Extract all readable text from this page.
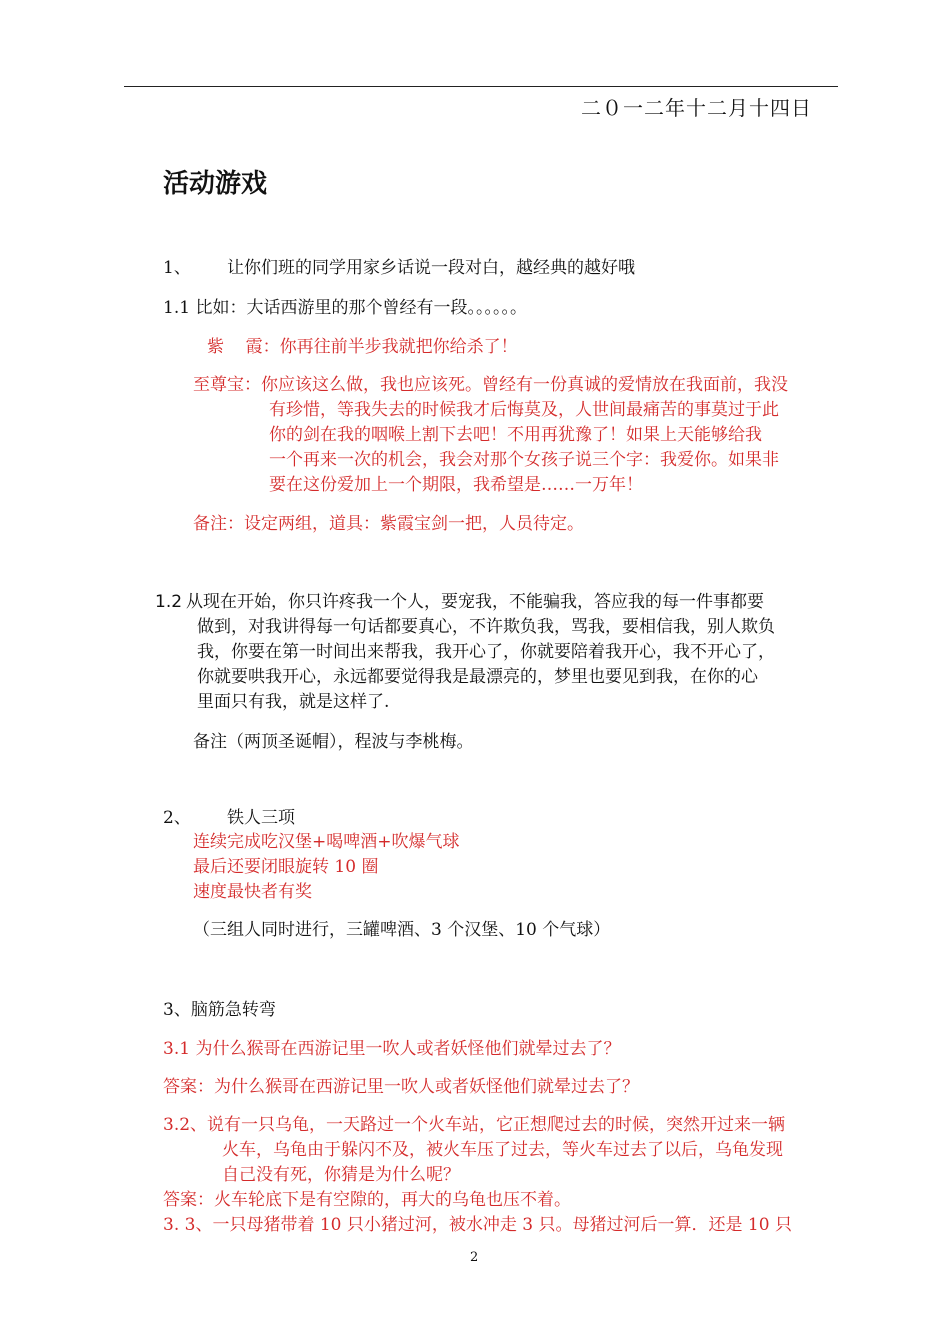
二０一二年十二月十四日
活动游戏
1、 让你们班的同学用家乡话说一段对白，越经典的越好哦
1.1 比如：大话西游里的那个曾经有一段。。。。。。
紫    霞：你再往前半步我就把你给杀了！
至尊宝：你应该这么做，我也应该死。曾经有一份真诚的爱情放在我面前，我没
有珍惜，等我失去的时候我才后悔莫及，人世间最痛苦的事莫过于此
你的剑在我的咽喉上割下去吧！不用再犹豫了！如果上天能够给我
一个再来一次的机会，我会对那个女孩子说三个字：我爱你。如果非
要在这份爱加上一个期限，我希望是……一万年！
备注：设定两组，道具：紫霞宝剑一把，人员待定。
1.2 从现在开始，你只许疼我一个人，要宠我，不能骗我，答应我的每一件事都要
做到，对我讲得每一句话都要真心，不许欺负我，骂我，要相信我，别人欺负
我，你要在第一时间出来帮我，我开心了，你就要陪着我开心，我不开心了，
你就要哄我开心，永远都要觉得我是最漂亮的，梦里也要见到我，在你的心
里面只有我，就是这样了.
备注（两顶圣诞帽），程波与李桃梅。
2、 铁人三项
连续完成吃汉堡+喝啤酒+吹爆气球
最后还要闭眼旋转 10 圈
速度最快者有奖
（三组人同时进行，三罐啤酒、3 个汉堡、10 个气球）
3、脑筋急转弯
3.1 为什么猴哥在西游记里一吹人或者妖怪他们就晕过去了？
答案：为什么猴哥在西游记里一吹人或者妖怪他们就晕过去了？
3.2、说有一只乌龟，一天路过一个火车站，它正想爬过去的时候，突然开过来一辆
火车，乌龟由于躲闪不及，被火车压了过去，等火车过去了以后，乌龟发现
自己没有死，你猜是为什么呢？
答案：火车轮底下是有空隙的，再大的乌龟也压不着。
3. 3、一只母猪带着 10 只小猪过河，被水冲走 3 只。母猪过河后一算．还是 10 只
2
